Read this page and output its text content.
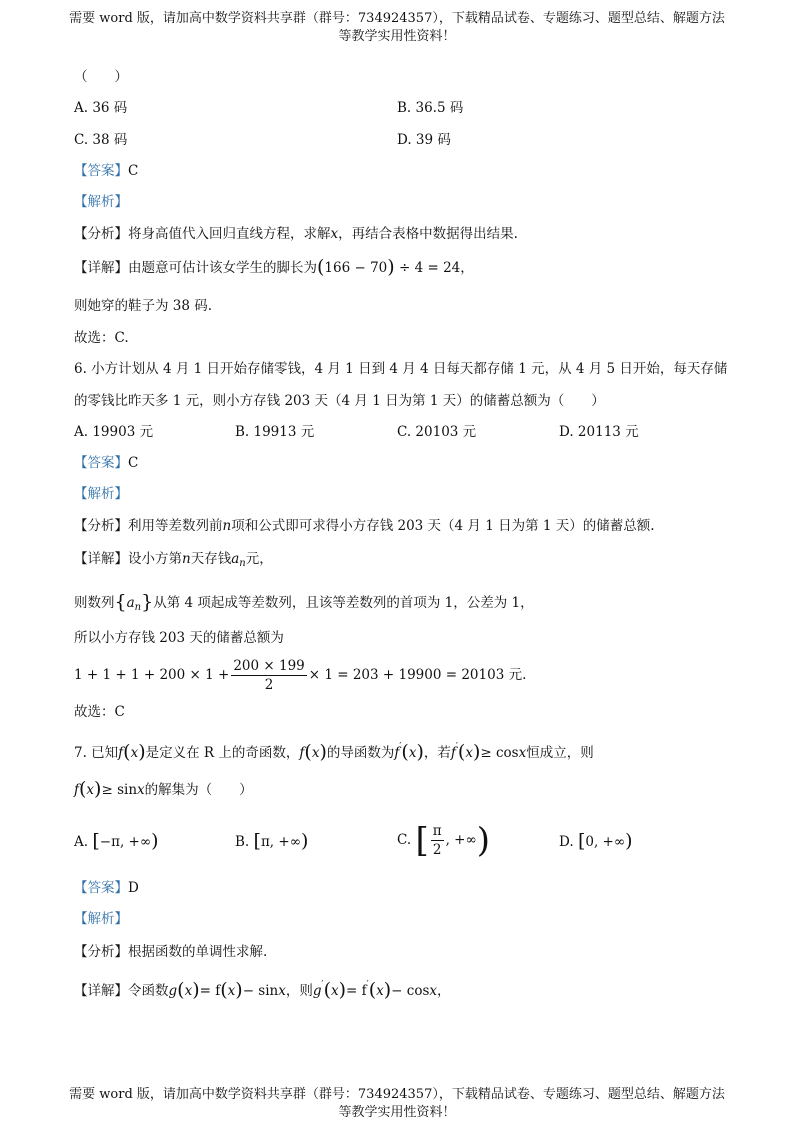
需要 word 版，请加高中数学资料共享群（群号：734924357），下载精品试卷、专题练习、题型总结、解题方法
等教学实用性资料！
（　　）
A. 36 码	B. 36.5 码
C. 38 码	D. 39 码
【答案】C
【解析】
【分析】将身高值代入回归直线方程，求解x，再结合表格中数据得出结果.
【详解】由题意可估计该女学生的脚长为(166 − 70) ÷ 4 = 24，
则她穿的鞋子为 38 码.
故选：C.
6. 小方计划从 4 月 1 日开始存储零钱，4 月 1 日到 4 月 4 日每天都存储 1 元，从 4 月 5 日开始，每天存储
的零钱比昨天多 1 元，则小方存钱 203 天（4 月 1 日为第 1 天）的储蓄总额为（　　）
A. 19903 元	B. 19913 元	C. 20103 元	D. 20113 元
【答案】C
【解析】
【分析】利用等差数列前n项和公式即可求得小方存钱 203 天（4 月 1 日为第 1 天）的储蓄总额.
【详解】设小方第n天存钱$a_n$元，
则数列$\{a_n\}$从第 4 项起成等差数列，且该等差数列的首项为 1，公差为 1，
所以小方存钱 203 天的储蓄总额为
$1 + 1 + 1 + 200 \times 1 + \frac{200 \times 199}{2} \times 1 = 203 + 19900 = 20103$ 元.
故选：C
7. 已知f(x)是定义在 R 上的奇函数，f(x)的导函数为f′(x)，若f′(x)≥ cosx恒成立，则
f(x)≥ sinx的解集为（　　）
A. [−π, +∞)	B. [π, +∞)	C. [ $\frac{\pi}{2}$ , +∞)	D. [0, +∞)
【答案】D
【解析】
【分析】根据函数的单调性求解.
【详解】令函数g(x)= f(x)− sinx，则g′(x)= f′(x)− cosx，
需要 word 版，请加高中数学资料共享群（群号：734924357），下载精品试卷、专题练习、题型总结、解题方法
等教学实用性资料！
